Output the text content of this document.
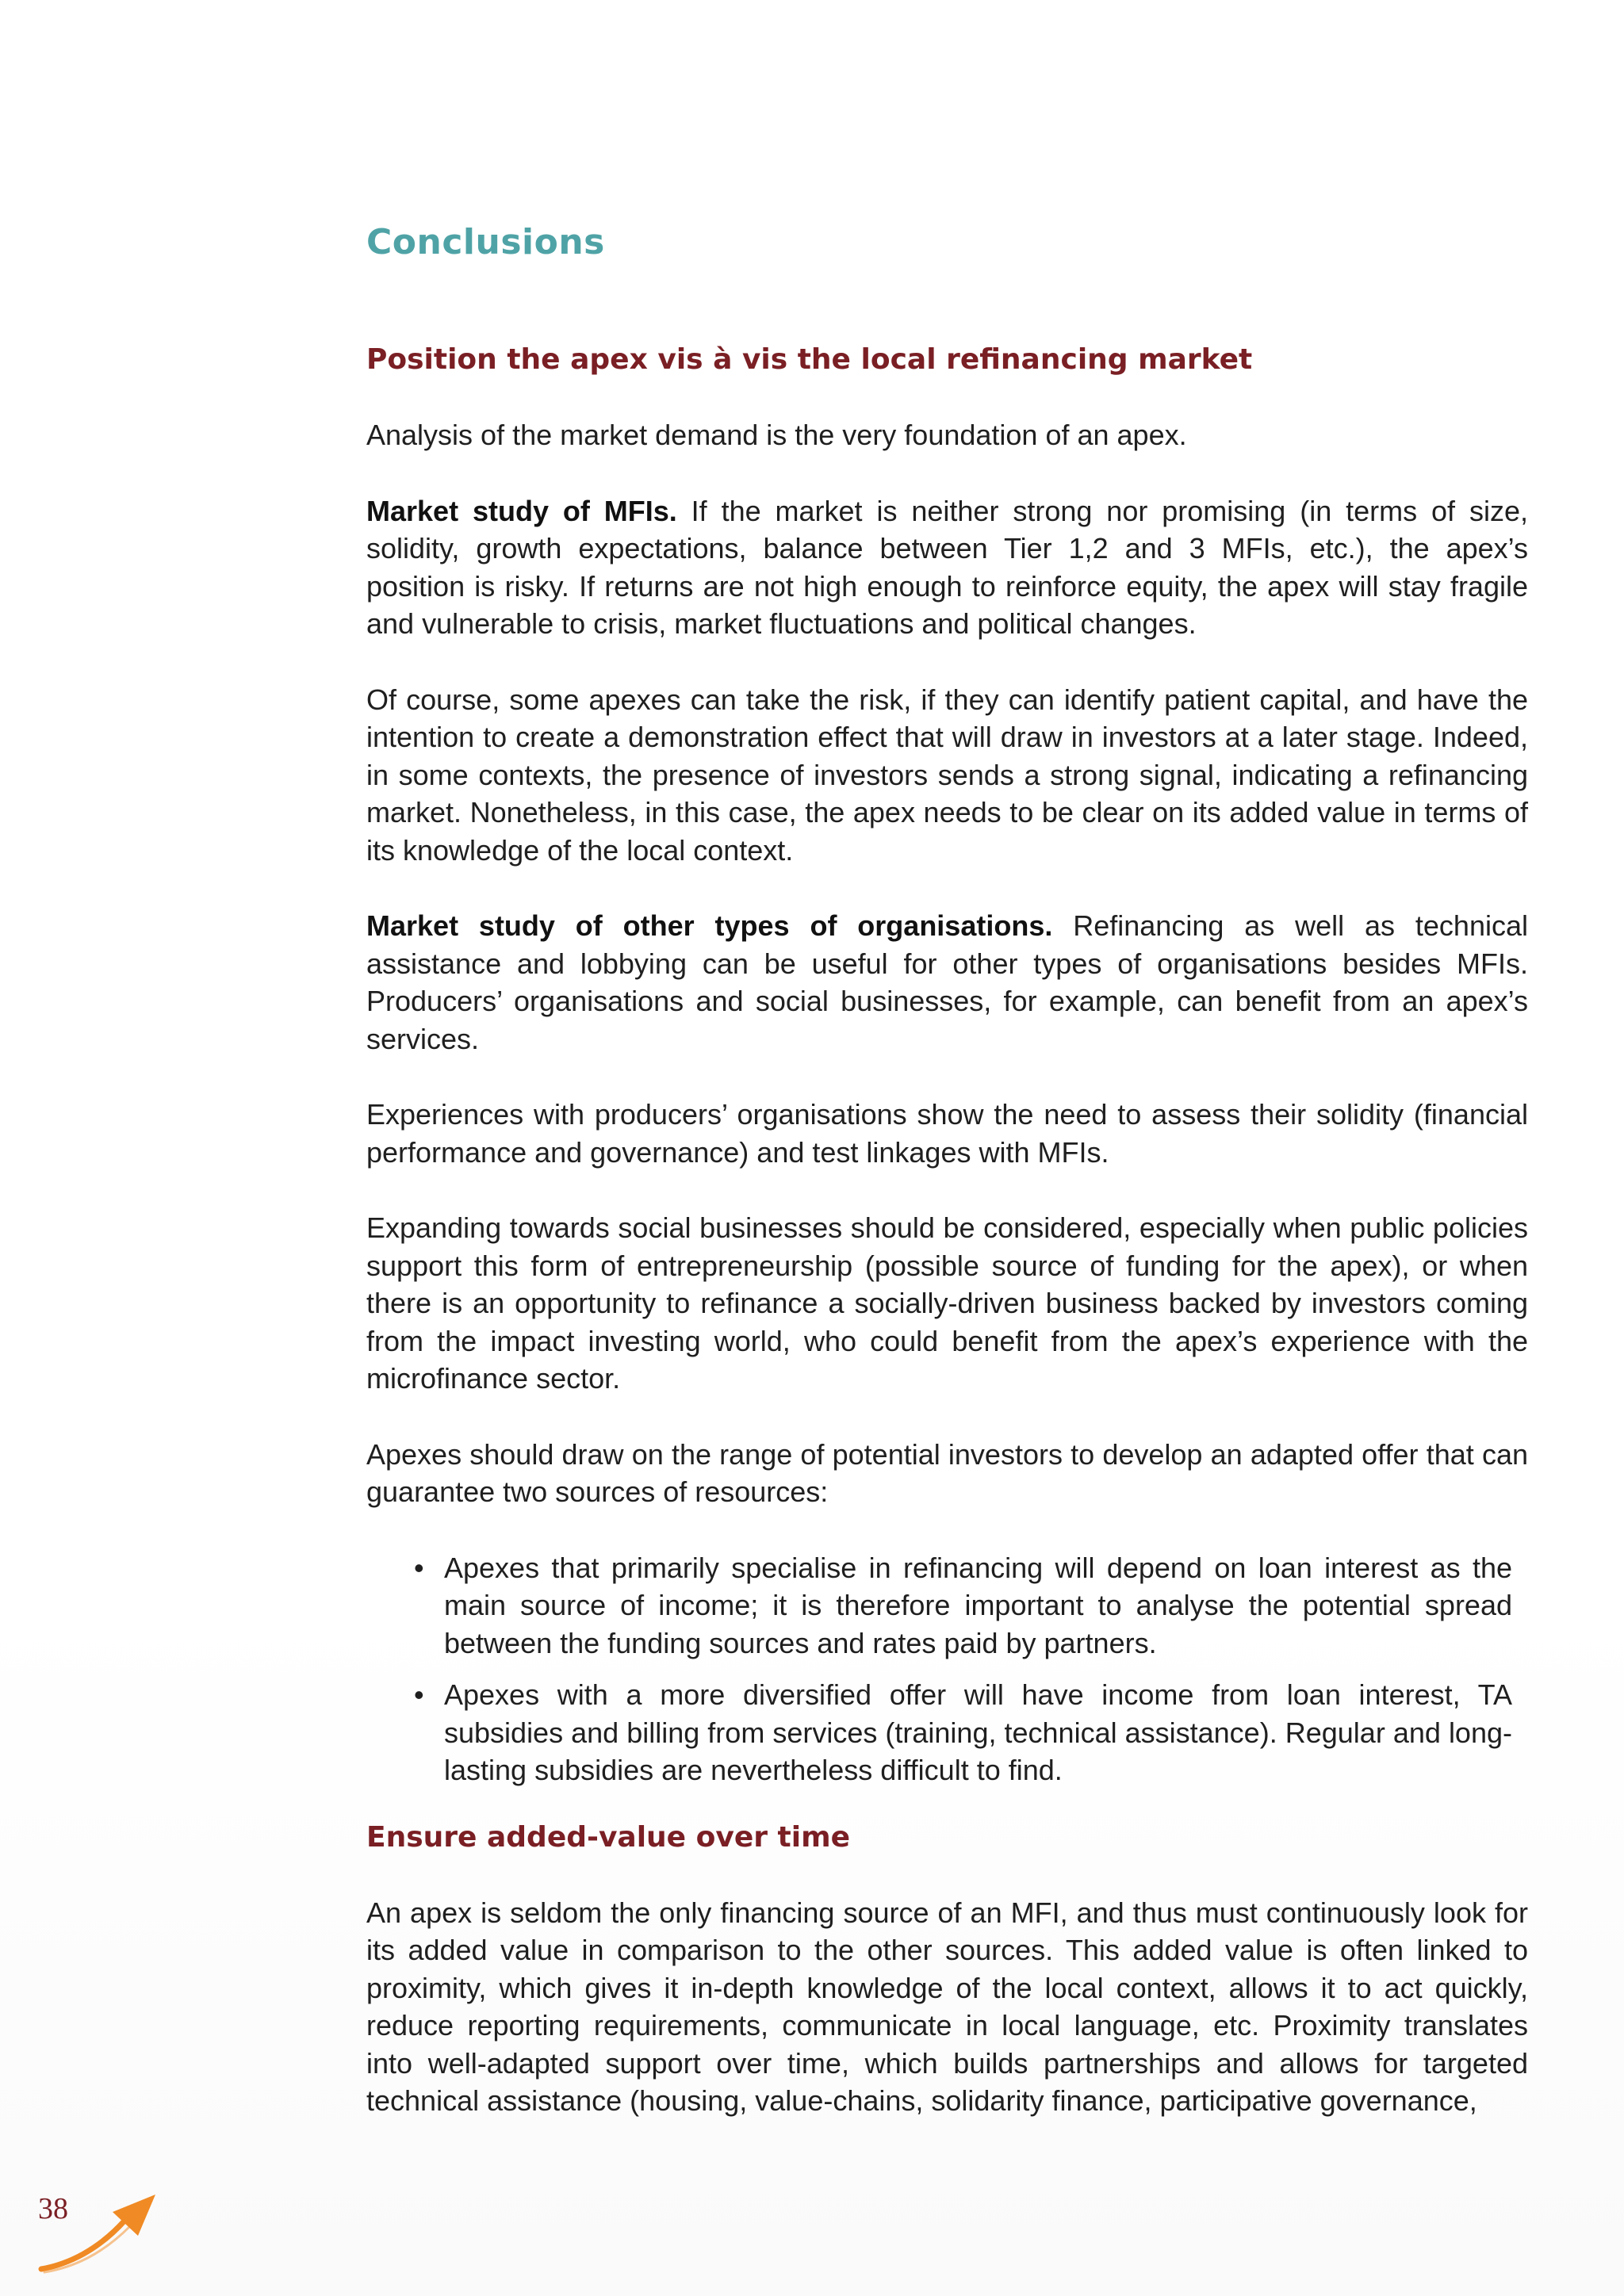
Conclusions
Position the apex vis à vis the local refinancing market

Analysis of the market demand is the very foundation of an apex.

Market study of MFIs. If the market is neither strong nor promising (in terms of size, solidity, growth expectations, balance between Tier 1,2 and 3 MFIs, etc.), the apex’s position is risky. If returns are not high enough to reinforce equity, the apex will stay fragile and vulnerable to crisis, market fluctuations and political changes.

Of course, some apexes can take the risk, if they can identify patient capital, and have the intention to create a demonstration effect that will draw in investors at a later stage. Indeed, in some contexts, the presence of investors sends a strong signal, indicating a refinancing market. Nonetheless, in this case, the apex needs to be clear on its added value in terms of its knowledge of the local context.

Market study of other types of organisations. Refinancing as well as technical assistance and lobbying can be useful for other types of organisations besides MFIs. Producers’ organisations and social businesses, for example, can benefit from an apex’s services.

Experiences with producers’ organisations show the need to assess their solidity (financial performance and governance) and test linkages with MFIs.

Expanding towards social businesses should be considered, especially when public policies support this form of entrepreneurship (possible source of funding for the apex), or when there is an opportunity to refinance a socially-driven business backed by investors coming from the impact investing world, who could benefit from the apex’s experience with the microfinance sector.

Apexes should draw on the range of potential investors to develop an adapted offer that can guarantee two sources of resources:

• Apexes that primarily specialise in refinancing will depend on loan interest as the main source of income; it is therefore important to analyse the potential spread between the funding sources and rates paid by partners.
• Apexes with a more diversified offer will have income from loan interest, TA subsidies and billing from services (training, technical assistance). Regular and long-lasting subsidies are nevertheless difficult to find.
Ensure added-value over time

An apex is seldom the only financing source of an MFI, and thus must continuously look for its added value in comparison to the other sources. This added value is often linked to proximity, which gives it in-depth knowledge of the local context, allows it to act quickly, reduce reporting requirements, communicate in local language, etc. Proximity translates into well-adapted support over time, which builds partnerships and allows for targeted technical assistance (housing, value-chains, solidarity finance, participative governance,

38
